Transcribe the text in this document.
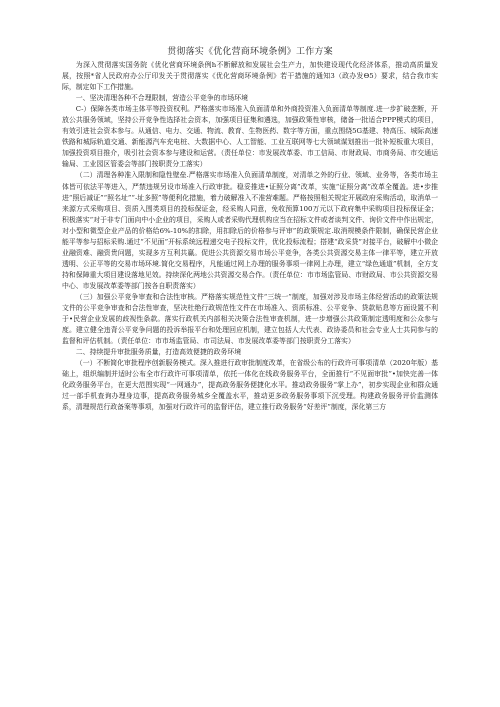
贯彻落实《优化营商环境条例》工作方案

为深入贯彻落实国务院《优化营商环境条例h不断解放和发展社会生产力，加快建设现代化经济体系，推动高质量发展，按照*省人民政府办公厅印发关于贯彻落实《优化营商环境条例》若干措施的通知3（政办发Θ5）要求，结合我市实际，制定如下工作措施。

一、坚决清理各种不合理限制，营造公平竞争的市场环境

C-）保障各类市场主体平等投资权利。严格落实市场准入负面清单和外商投资准入负面清单等制度.进一步扩破垄断，开放公共服务领域，坚持公开竞争性选择社会资本，加强项目征集和遴选，加强政策性审核，储备一批适合PPP模式的项目，有效引进社会资本参与。从通信、电力、交通、物流、教育、生物医药、数字等方面，重点围绕5G基建、特高压、城际高速铁路和城际轨道交通、新能源汽车充电桩、大数据中心、人工智能、工业互联网等七大领域谋划推出一批补短板重大项目，加强投资项目推介，吸引社会资本参与建设和运营。（责任单位：市发展改革委、市工信局、市财政局、市商务局、市交通运输局、工业园区管委会等部门按职责分工落实）

（二）清理各种准入限制和隐性壁垒.严格落实市场准入负面清单制度，对清单之外的行业、领域、业务等，各类市场主体皆可依法平等进入，严禁违规另设市场准入行政审批。稳妥推进•证照分离”改革，实施“证照分离”改革全覆盖。进•步推进“照后减证”“照名址”“-址多照”等便利化措施，着力破解准入不准营难题。严格按照相关规定开展政府采购活动，取消单一来源方式采购项目、资质入围类项目的投标保证金，经采购人同意，免收预算100万元以下政府集中采购项目投标保证金；积极落实“对于非专门面向中小企业的项目，采购人或者采购代理机构应当在招标文件或者谈判文件、询价文件中作出规定，对小型和微型企业产品的价格给6%-10%的扣除，用扣除后的价格参与评审”的政策规定.取消规模条件限制，确保民营企业能平等参与招标采购.通过“不见面”开标系统远程递交电子投标文件，优化投标流程；搭建“政采贷”对接平台，破解中小微企业融资难、融资贵问题，实现多方互利共赢。促进公共资源交易市场公平竞争，各类公共资源交易主体一律平等，建立开放透明、公正平等的交易市场环境.简化交易程序，凡能通过网上办理的服务事项一律网上办理，建立“绿色通道”机制，全方支持和保障重大项目建设落地见效。持续深化两地公共资源交易合作。（责任单位：市市场监管局、市财政局、市公共资源交易中心、市发展改革委等部门按各自职责落实）

（三）加强公平竞争审查和合法性审核。严格落实规范性文件“三统一”制度，加强对涉及市场主体经营活动的政策法规文件的公平竞争审查和合法性审查，坚决杜绝行政规范性文件在市场准入、资质标准、公平竞争、贷款贴息等方面设置不利于•民营企业发展的歧视性条款。落实行政机关内部相关决策合法性审查机制，进一步增强公共政策制定透明度和公众参与度。建立健全违背公平竞争问题的投诉举报平台和处理回应机制，建立包括人大代表、政协委员和社会专业人士共同参与的监督和评估机制。（责任单位：市市场监管局、市司法局、市发展改革委等部门按职责分工落实）

二、持续提升审批服务质量，打造高效便捷的政务环境

（一）不断简化审批程序创新服务模式。深入推进行政审批制度改革，在省级公布的行政许可事项清单（2020年版）基础上，组织编制并适时公布全市行政许可事项清单，依托一体化在线政务服务平台，全面推行“不见面审批”•加快完善一体化政务服务平台，在更大范围实现“一网通办”，提高政务服务便捷化水平。推动政务服务“掌上办”，初步实现企业和群众通过一部手机查询办理身边事，提高政务服务城乡全覆盖水平，推动更多政务服务事项下沉受理。构建政务服务评价监测体系，清理规范行政备案等事项，加强对行政许可的监督评估，建立推行政务服务“好差评”制度，深化第三方
